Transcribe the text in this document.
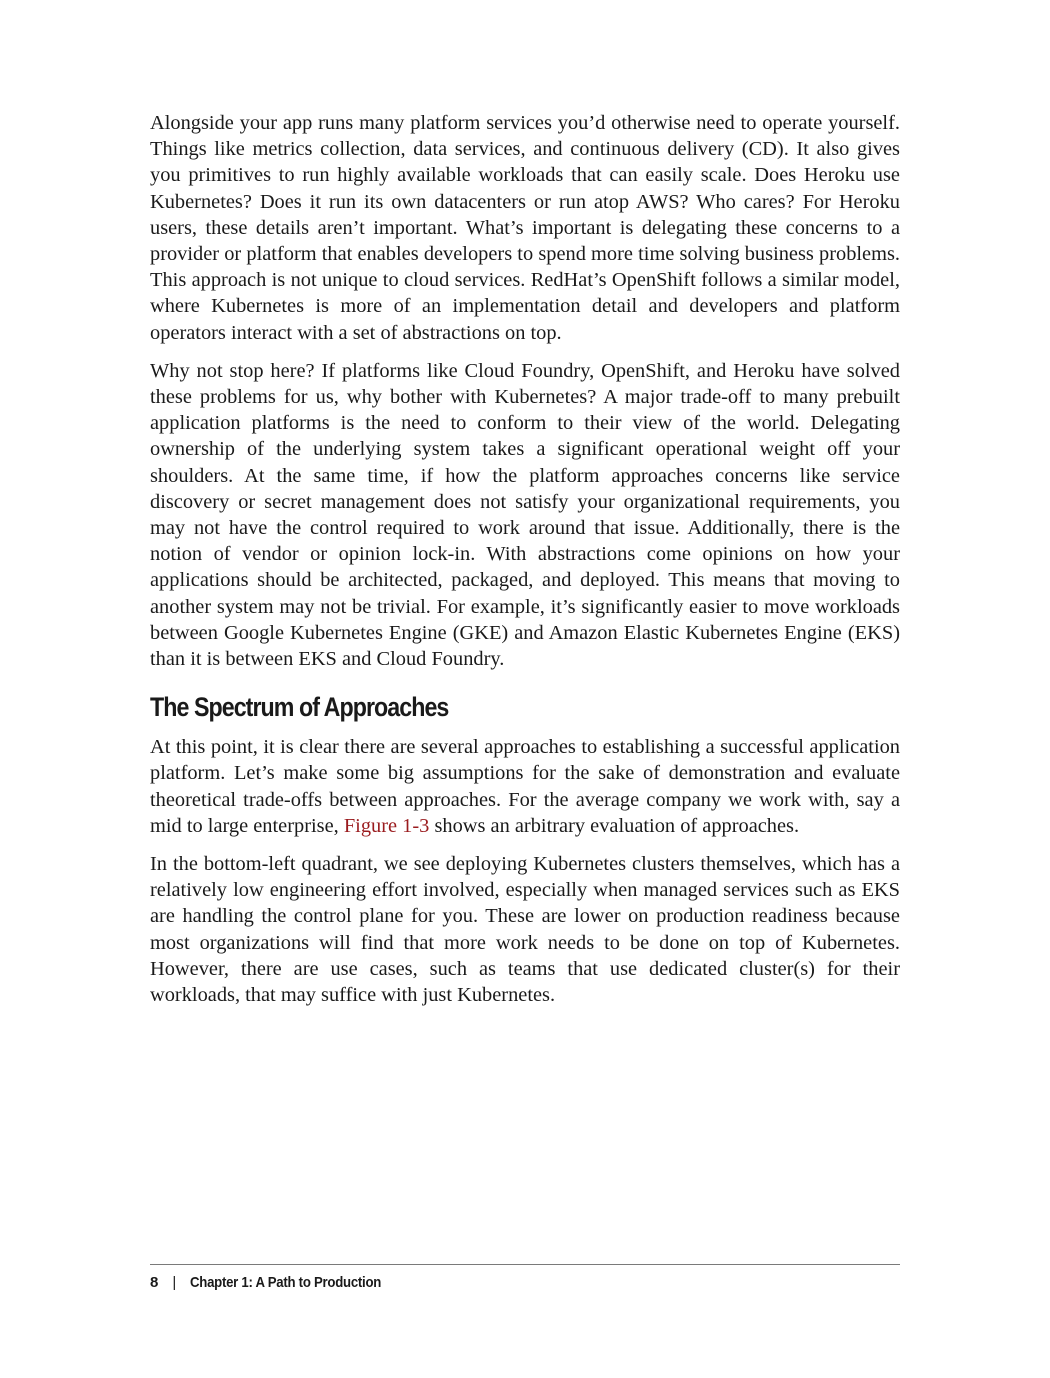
Alongside your app runs many platform services you’d otherwise need to operate yourself. Things like metrics collection, data services, and continuous delivery (CD). It also gives you primitives to run highly available workloads that can easily scale. Does Heroku use Kubernetes? Does it run its own datacenters or run atop AWS? Who cares? For Heroku users, these details aren’t important. What’s important is delegating these concerns to a provider or platform that enables developers to spend more time solving business problems. This approach is not unique to cloud services. RedHat’s OpenShift follows a similar model, where Kubernetes is more of an implementation detail and developers and platform operators interact with a set of abstractions on top.

Why not stop here? If platforms like Cloud Foundry, OpenShift, and Heroku have solved these problems for us, why bother with Kubernetes? A major trade-off to many prebuilt application platforms is the need to conform to their view of the world. Delegating ownership of the underlying system takes a significant operational weight off your shoulders. At the same time, if how the platform approaches concerns like service discovery or secret management does not satisfy your organizational requirements, you may not have the control required to work around that issue. Additionally, there is the notion of vendor or opinion lock-in. With abstractions come opinions on how your applications should be architected, packaged, and deployed. This means that moving to another system may not be trivial. For example, it’s significantly easier to move workloads between Google Kubernetes Engine (GKE) and Amazon Elastic Kubernetes Engine (EKS) than it is between EKS and Cloud Foundry.

The Spectrum of Approaches

At this point, it is clear there are several approaches to establishing a successful application platform. Let’s make some big assumptions for the sake of demonstration and evaluate theoretical trade-offs between approaches. For the average company we work with, say a mid to large enterprise, Figure 1-3 shows an arbitrary evaluation of approaches.

In the bottom-left quadrant, we see deploying Kubernetes clusters themselves, which has a relatively low engineering effort involved, especially when managed services such as EKS are handling the control plane for you. These are lower on production readiness because most organizations will find that more work needs to be done on top of Kubernetes. However, there are use cases, such as teams that use dedicated cluster(s) for their workloads, that may suffice with just Kubernetes.

8 | Chapter 1: A Path to Production
